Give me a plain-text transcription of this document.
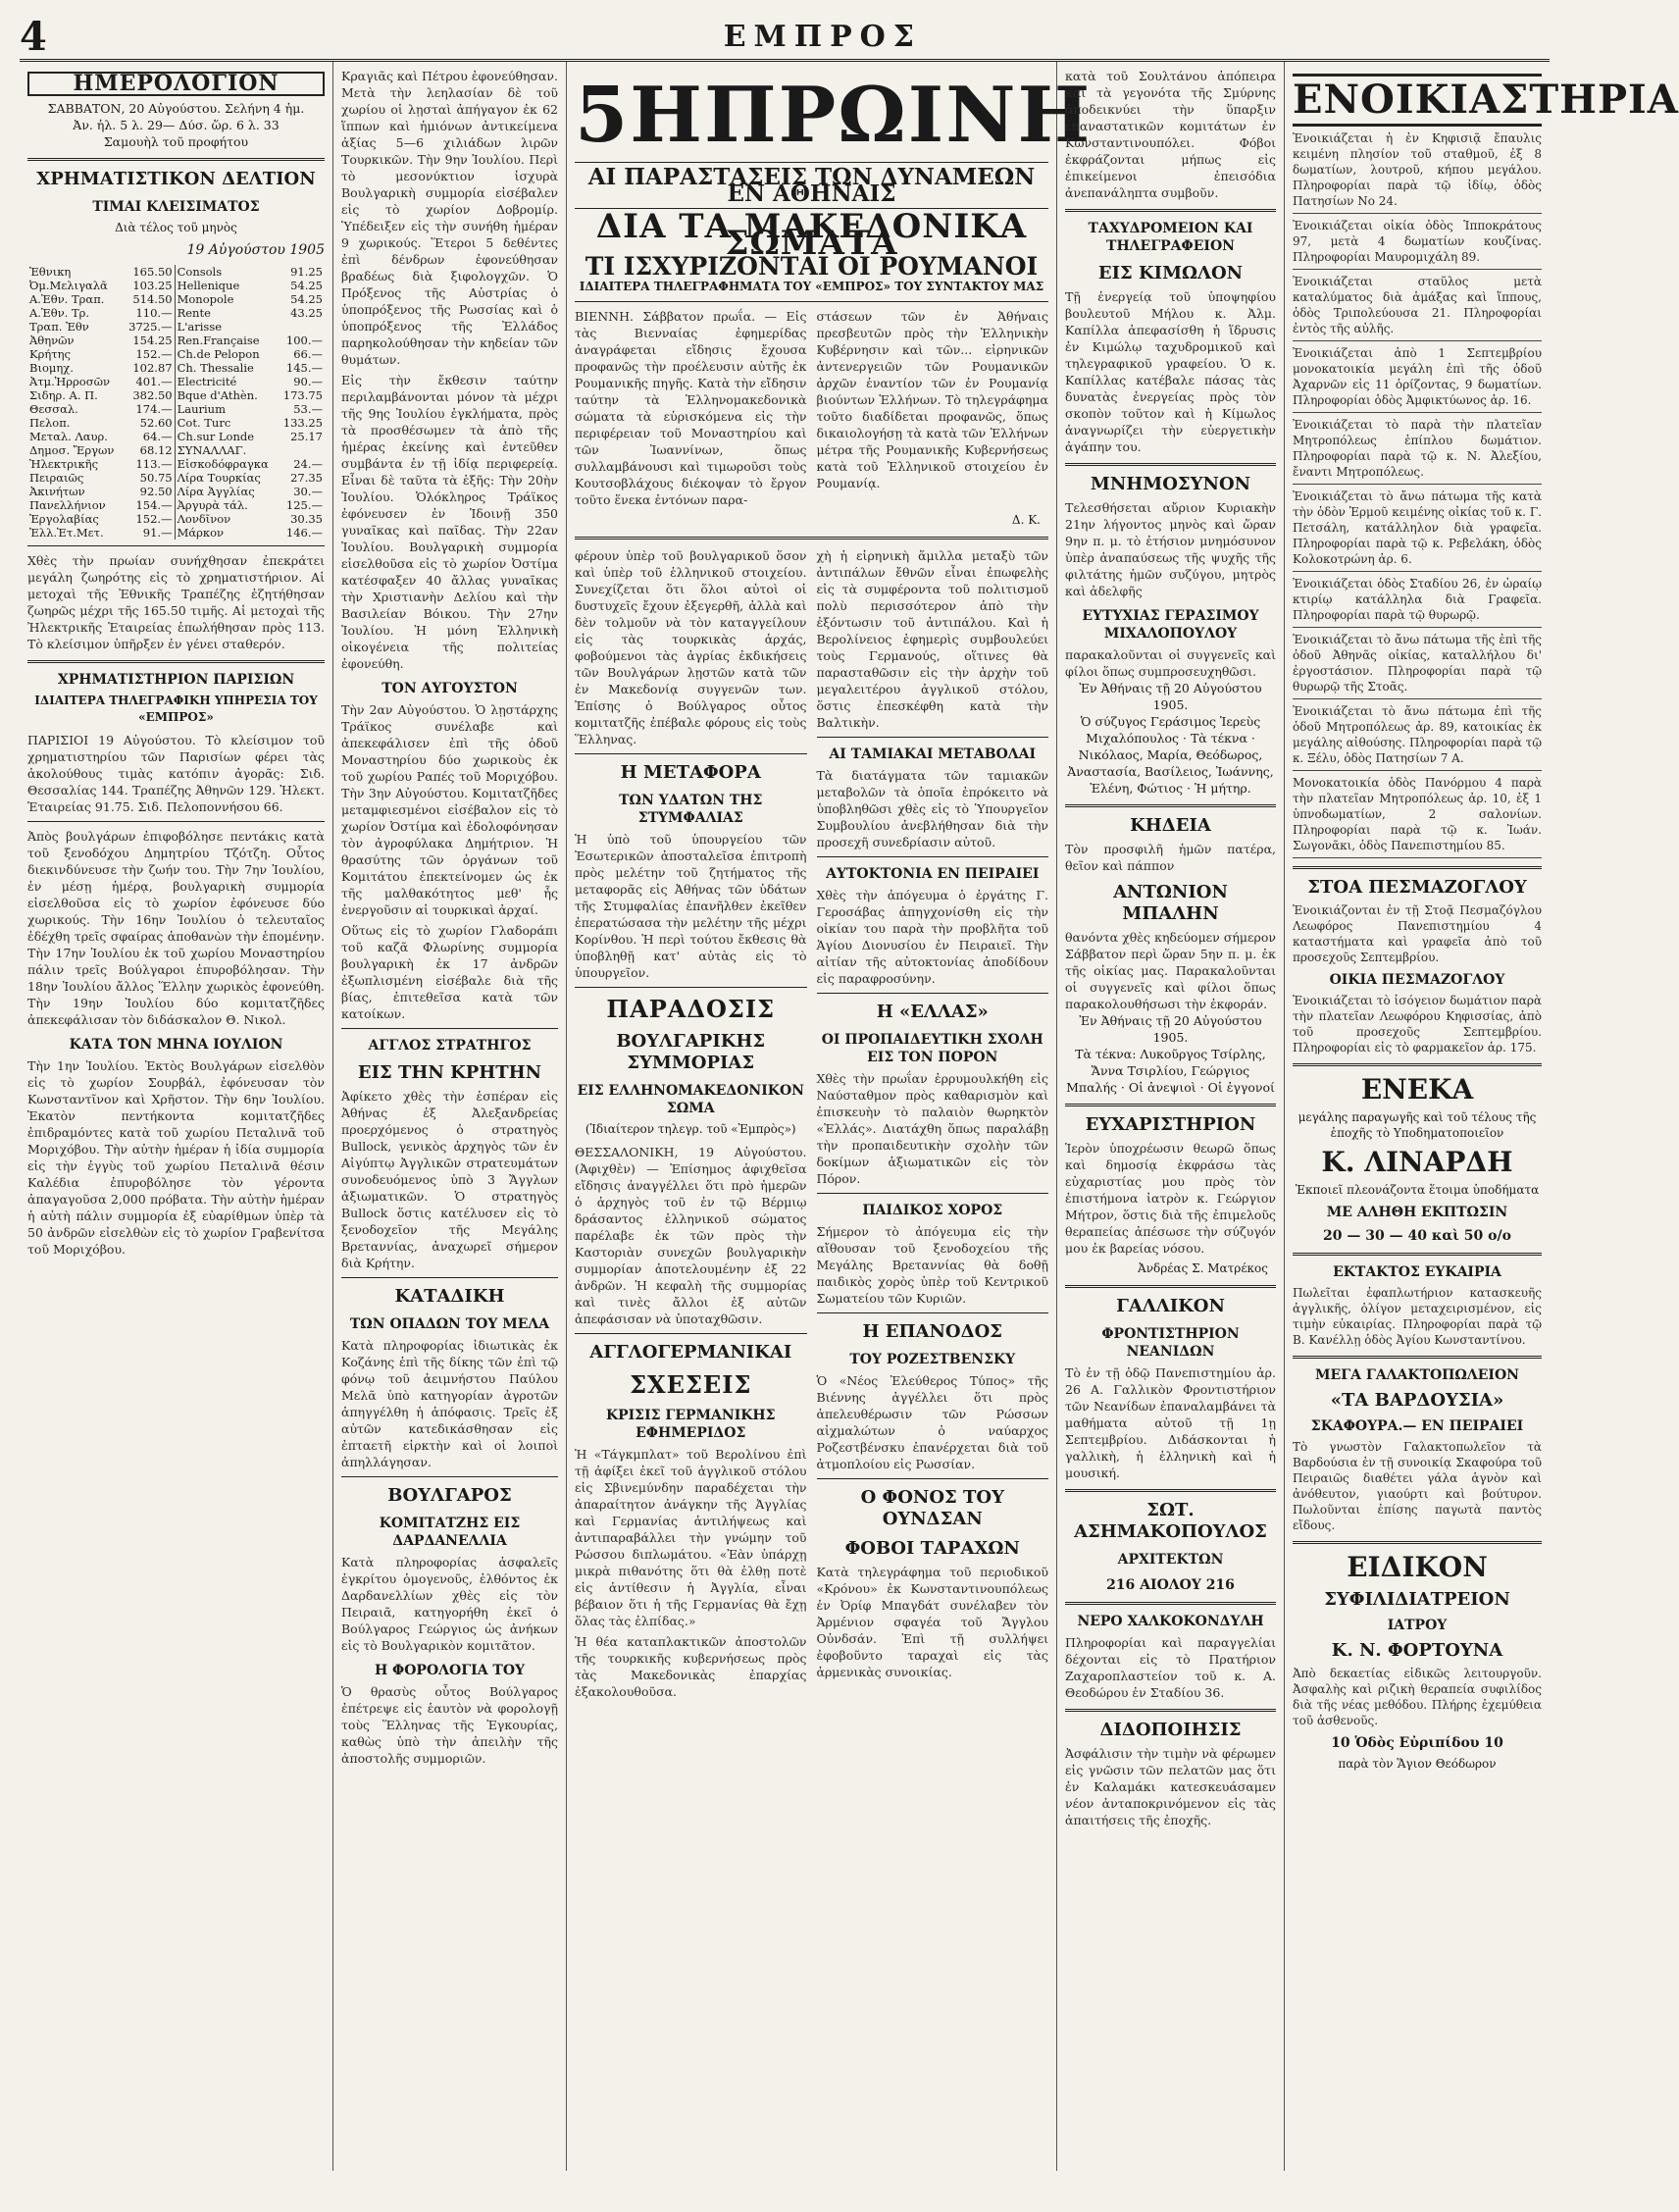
4	ΕΜΠΡΟΣ
ΗΜΕΡΟΛΟΓΙΟΝ
ΣΑΒΒΑΤΟΝ, 20 Αὐγούστου. Σελήνη 4 ἡμ.
Ἀν. ἡλ. 5 λ. 29— Δύσ. ὥρ. 6 λ. 33
Σαμουὴλ τοῦ προφήτου
ΧΡΗΜΑΤΙΣΤΙΚΟΝ ΔΕΛΤΙΟΝ
ΤΙΜΑΙ ΚΛΕΙΣΙΜΑΤΟΣ
Διὰ τέλος τοῦ μηνὸς
19 Αὐγούστου 1905
Ἐθνικη	165.50	Consols	91.25
Ὀμ.Μελιγαλᾶ	103.25	Hellenique	54.25
Α.Ἐθν. Τραπ.	514.50	Monopole	54.25
Α.Ἐθν. Τρ.	110.—	Rente	43.25
Τραπ. Ἐθν	3725.—	L'arisse	
Ἀθηνῶν	154.25	Ren.Française	100.—
Κρήτης	152.—	Ch.de Pelopon	66.—
Βιομηχ.	102.87	Ch. Thessalie	145.—
Ἀτμ.Ἠρροσῶν	401.—	Electricité	90.—
Σιδηρ. Α. Π.	382.50	Bque d'Athèn.	173.75
Θεσσαλ.	174.—	Laurium	53.—
Πελοπ.	52.60	Cot. Turc	133.25
Μεταλ. Λαυρ.	64.—	Ch.sur Londe	25.17
Δημοσ. Ἔργων	68.12	ΣΥΝΑΛΛΑΓ.	
Ἠλεκτρικῆς	113.—	Εἰσκοδόφραγκα	24.—
Πειραιῶς	50.75	Λίρα Τουρκίας	27.35
Ἀκινήτων	92.50	Λίρα Ἀγγλίας	30.—
Πανελλήνιον	154.—	Ἀργυρὰ τάλ.	125.—
Ἐργολαβίας	152.—	Λονδῖνον	30.35
Ἐλλ.Ἐτ.Μετ.	91.—	Μάρκον	146.—
Χθὲς τὴν πρωίαν συνήχθησαν ἐπεκράτει μεγάλη ζωηρότης εἰς τὸ χρηματιστήριον. Αἱ μετοχαὶ τῆς Ἐθνικῆς Τραπέζης ἐζητήθησαν ζωηρῶς μέχρι τῆς 165.50 τιμῆς. Αἱ μετοχαὶ τῆς Ἠλεκτρικῆς Ἑταιρείας ἐπωλήθησαν πρὸς 113. Τὸ κλείσιμον ὑπῆρξεν ἐν γένει σταθερόν.
ΧΡΗΜΑΤΙΣΤΗΡΙΟΝ ΠΑΡΙΣΙΩΝ
ΙΔΙΑΙΤΕΡΑ ΤΗΛΕΓΡΑΦΙΚΗ ΥΠΗΡΕΣΙΑ ΤΟΥ «ΕΜΠΡΟΣ»
ΠΑΡΙΣΙΟΙ 19 Αὐγούστου. Τὸ κλείσιμον τοῦ χρηματιστηρίου τῶν Παρισίων φέρει τὰς ἀκολούθους τιμὰς κατόπιν ἀγορᾶς: Σιδ. Θεσσαλίας 144. Τραπέζης Ἀθηνῶν 129. Ἠλεκτ. Ἑταιρείας 91.75. Σιδ. Πελοποννήσου 66.
Ἀπὸς βουλγάρων ἐπιφοβόλησε πεντάκις κατὰ τοῦ ξενοδόχου Δημητρίου Τζότζη. Οὗτος διεκινδύνευσε τὴν ζωήν του. Τὴν 7ην Ἰουλίου, ἐν μέσῃ ἡμέρᾳ, βουλγαρικὴ συμμορία εἰσελθοῦσα εἰς τὸ χωρίον ἐφόνευσε δύο χωρικούς. Τὴν 16ην Ἰουλίου ὁ τελευταῖος ἐδέχθη τρεῖς σφαίρας ἀποθανὼν τὴν ἑπομένην. Τὴν 17ην Ἰουλίου ἐκ τοῦ χωρίου Μοναστηρίου πάλιν τρεῖς Βούλγαροι ἐπυροβόλησαν. Τὴν 18ην Ἰουλίου ἄλλος Ἕλλην χωρικὸς ἐφονεύθη. Τὴν 19ην Ἰουλίου δύο κομιτατζῆδες ἀπεκεφάλισαν τὸν διδάσκαλον Θ. Νικολ.
ΚΑΤΑ ΤΟΝ ΜΗΝΑ ΙΟΥΛΙΟΝ
Τὴν 1ην Ἰουλίου. Ἐκτὸς Βουλγάρων εἰσελθὸν εἰς τὸ χωρίον Σουρβάλ, ἐφόνευσαν τὸν Κωνσταντῖνον καὶ Χρῆστον. Τὴν 6ην Ἰουλίου. Ἑκατὸν πεντήκοντα κομιτατζῆδες ἐπιδραμόντες κατὰ τοῦ χωρίου Πεταλινᾶ τοῦ Μοριχόβου. Τὴν αὐτὴν ἡμέραν ἡ ἰδία συμμορία εἰς τὴν ἐγγὺς τοῦ χωρίου Πεταλινᾶ θέσιν Καλέδια ἐπυροβόλησε τὸν γέροντα ἀπαγαγοῦσα 2,000 πρόβατα. Τὴν αὐτὴν ἡμέραν ἡ αὐτὴ πάλιν συμμορία ἐξ εὐαρίθμων ὑπὲρ τὰ 50 ἀνδρῶν εἰσελθὼν εἰς τὸ χωρίον Γραβενίτσα τοῦ Μοριχόβου.
Κραγιᾶς καὶ Πέτρου ἐφονεύθησαν. Μετὰ τὴν λεηλασίαν δὲ τοῦ χωρίου οἱ λῃσταὶ ἀπήγαγον ἐκ 62 ἵππων καὶ ἡμιόνων ἀντικείμενα ἀξίας 5—6 χιλιάδων λιρῶν Τουρκικῶν. Τὴν 9ην Ἰουλίου. Περὶ τὸ μεσονύκτιον ἰσχυρὰ Βουλγαρικὴ συμμορία εἰσέβαλεν εἰς τὸ χωρίον Δοβρομίρ. Ὑπέδειξεν εἰς τὴν συνήθη ἡμέραν 9 χωρικούς. Ἕτεροι 5 δεθέντες ἐπὶ δένδρων ἐφονεύθησαν βραδέως διὰ ξιφολογχῶν. Ὁ Πρόξενος τῆς Αὐστρίας ὁ ὑποπρόξενος τῆς Ρωσσίας καὶ ὁ ὑποπρόξενος τῆς Ἑλλάδος παρηκολούθησαν τὴν κηδείαν τῶν θυμάτων.
Εἰς τὴν ἔκθεσιν ταύτην περιλαμβάνονται μόνον τὰ μέχρι τῆς 9ης Ἰουλίου ἐγκλήματα, πρὸς τὰ προσθέσωμεν τὰ ἀπὸ τῆς ἡμέρας ἐκείνης καὶ ἐντεῦθεν συμβάντα ἐν τῇ ἰδίᾳ περιφερείᾳ. Εἶναι δὲ ταῦτα τὰ ἑξῆς: Τὴν 20ὴν Ἰουλίου. Ὁλόκληρος Τράϊκος ἐφόνευσεν ἐν Ἰδοινῇ 350 γυναῖκας καὶ παῖδας. Τὴν 22αν Ἰουλίου. Βουλγαρικὴ συμμορία εἰσελθοῦσα εἰς τὸ χωρίον Ὀστίμα κατέσφαξεν 40 ἄλλας γυναῖκας τὴν Χριστιανὴν Δελίου καὶ τὴν Βασιλείαν Βόικου. Τὴν 27ην Ἰουλίου. Ἡ μόνη Ἑλληνικὴ οἰκογένεια τῆς πολιτείας ἐφονεύθη.
ΤΟΝ ΑΥΓΟΥΣΤΟΝ
Τὴν 2αν Αὐγούστου. Ὁ λῃστάρχης Τράϊκος συνέλαβε καὶ ἀπεκεφάλισεν ἐπὶ τῆς ὁδοῦ Μοναστηρίου δύο χωρικοὺς ἐκ τοῦ χωρίου Ραπές τοῦ Μοριχόβου. Τὴν 3ην Αὐγούστου. Κομιτατζῆδες μεταμφιεσμένοι εἰσέβαλον εἰς τὸ χωρίον Ὀστίμα καὶ ἐδολοφόνησαν τὸν ἀγροφύλακα Δημήτριον. Ἡ θρασύτης τῶν ὀργάνων τοῦ Κομιτάτου ἐπεκτείνομεν ὡς ἐκ τῆς μαλθακότητος μεθ' ἧς ἐνεργοῦσιν αἱ τουρκικαὶ ἀρχαί.
Οὕτως εἰς τὸ χωρίον Γλαδοράπι τοῦ καζᾶ Φλωρίνης συμμορία βουλγαρικὴ ἐκ 17 ἀνδρῶν ἐξωπλισμένη εἰσέβαλε διὰ τῆς βίας, ἐπιτεθεῖσα κατὰ τῶν κατοίκων.
ΑΓΓΛΟΣ ΣΤΡΑΤΗΓΟΣ
ΕΙΣ ΤΗΝ ΚΡΗΤΗΝ
Ἀφίκετο χθὲς τὴν ἑσπέραν εἰς Ἀθήνας ἐξ Ἀλεξανδρείας προερχόμενος ὁ στρατηγὸς Bullock, γενικὸς ἀρχηγὸς τῶν ἐν Αἰγύπτῳ Ἀγγλικῶν στρατευμάτων συνοδευόμενος ὑπὸ 3 Ἄγγλων ἀξιωματικῶν. Ὁ στρατηγὸς Bullock ὅστις κατέλυσεν εἰς τὸ ξενοδοχεῖον τῆς Μεγάλης Βρεταννίας, ἀναχωρεῖ σήμερον διὰ Κρήτην.
ΚΑΤΑΔΙΚΗ
ΤΩΝ ΟΠΑΔΩΝ ΤΟΥ ΜΕΛΑ
Κατὰ πληροφορίας ἰδιωτικὰς ἐκ Κοζάνης ἐπὶ τῆς δίκης τῶν ἐπὶ τῷ φόνῳ τοῦ ἀειμνήστου Παύλου Μελᾶ ὑπὸ κατηγορίαν ἀγροτῶν ἀπηγγέλθη ἡ ἀπόφασις. Τρεῖς ἐξ αὐτῶν κατεδικάσθησαν εἰς ἐπταετῆ εἱρκτὴν καὶ οἱ λοιποὶ ἀπηλλάγησαν.
ΒΟΥΛΓΑΡΟΣ
ΚΟΜΙΤΑΤΖΗΣ ΕΙΣ ΔΑΡΔΑΝΕΛΛΙΑ
Κατὰ πληροφορίας ἀσφαλεῖς ἐγκρίτου ὁμογενοῦς, ἐλθόντος ἐκ Δαρδανελλίων χθὲς εἰς τὸν Πειραιᾶ, κατηγορήθη ἐκεῖ ὁ Βούλγαρος Γεώργιος ὡς ἀνήκων εἰς τὸ Βουλγαρικὸν κομιτᾶτον.
Η ΦΟΡΟΛΟΓΙΑ ΤΟΥ
Ὁ θρασὺς οὗτος Βούλγαρος ἐπέτρεψε εἰς ἑαυτὸν νὰ φορολογῇ τοὺς Ἕλληνας τῆς Ἐγκουρίας, καθὼς ὑπὸ τὴν ἀπειλὴν τῆς ἀποστολῆς συμμοριῶν.
5ΗΠΡΩΙΝΗ
ΑΙ ΠΑΡΑΣΤΑΣΕΙΣ ΤΩΝ ΔΥΝΑΜΕΩΝ ΕΝ ΑΘΗΝΑΙΣ
ΔΙΑ ΤΑ ΜΑΚΕΔΟΝΙΚΑ ΣΩΜΑΤΑ
ΤΙ ΙΣΧΥΡΙΖΟΝΤΑΙ ΟΙ ΡΟΥΜΑΝΟΙ
ΙΔΙΑΙΤΕΡΑ ΤΗΛΕΓΡΑΦΗΜΑΤΑ ΤΟΥ «ΕΜΠΡΟΣ» ΤΟΥ ΣΥΝΤΑΚΤΟΥ ΜΑΣ
ΒΙΕΝΝΗ. Σάββατον πρωΐα. — Εἰς τὰς Βιενναίας ἐφημερίδας ἀναγράφεται εἴδησις ἔχουσα προφανῶς τὴν προέλευσιν αὐτῆς ἐκ Ρουμανικῆς πηγῆς. Κατὰ τὴν εἴδησιν ταύτην τὰ Ἑλληνομακεδονικὰ σώματα τὰ εὑρισκόμενα εἰς τὴν περιφέρειαν τοῦ Μοναστηρίου καὶ τῶν Ἰωαννίνων, ὅπως συλλαμβάνουσι καὶ τιμωροῦσι τοὺς Κουτσοβλάχους διέκοψαν τὸ ἔργον τοῦτο ἕνεκα ἐντόνων παρα-
στάσεων τῶν ἐν Ἀθήναις πρεσβευτῶν πρὸς τὴν Ἑλληνικὴν Κυβέρνησιν καὶ τῶν... εἰρηνικῶν ἀντενεργειῶν τῶν Ρουμανικῶν ἀρχῶν ἐναντίον τῶν ἐν Ρουμανίᾳ βιούντων Ἑλλήνων. Τὸ τηλεγράφημα τοῦτο διαδίδεται προφανῶς, ὅπως δικαιολογήσῃ τὰ κατὰ τῶν Ἑλλήνων μέτρα τῆς Ρουμανικῆς Κυβερνήσεως κατὰ τοῦ Ἑλληνικοῦ στοιχείου ἐν Ρουμανίᾳ.
Δ. Κ.
φέρουν ὑπὲρ τοῦ βουλγαρικοῦ ὅσον καὶ ὑπὲρ τοῦ ἑλληνικοῦ στοιχείου. Συνεχίζεται ὅτι ὅλοι αὐτοὶ οἱ δυστυχεῖς ἔχουν ἐξεγερθῆ, ἀλλὰ καὶ δὲν τολμοῦν νὰ τὸν καταγγείλουν εἰς τὰς τουρκικὰς ἀρχάς, φοβούμενοι τὰς ἀγρίας ἐκδικήσεις τῶν Βουλγάρων λῃστῶν κατὰ τῶν ἐν Μακεδονίᾳ συγγενῶν των. Ἐπίσης ὁ Βούλγαρος οὗτος κομιτατζῆς ἐπέβαλε φόρους εἰς τοὺς Ἕλληνας.
Η ΜΕΤΑΦΟΡΑ
ΤΩΝ ΥΔΑΤΩΝ ΤΗΣ ΣΤΥΜΦΑΛΙΑΣ
Ἡ ὑπὸ τοῦ ὑπουργείου τῶν Ἐσωτερικῶν ἀποσταλεῖσα ἐπιτροπὴ πρὸς μελέτην τοῦ ζητήματος τῆς μεταφορᾶς εἰς Ἀθήνας τῶν ὑδάτων τῆς Στυμφαλίας ἐπανῆλθεν ἐκεῖθεν ἐπερατώσασα τὴν μελέτην τῆς μέχρι Κορίνθου. Ἡ περὶ τούτου ἔκθεσις θὰ ὑποβληθῇ κατ' αὐτὰς εἰς τὸ ὑπουργεῖον.
ΠΑΡΑΔΟΣΙΣ
ΒΟΥΛΓΑΡΙΚΗΣ ΣΥΜΜΟΡΙΑΣ
ΕΙΣ ΕΛΛΗΝΟΜΑΚΕΔΟΝΙΚΟΝ ΣΩΜΑ
(Ἰδιαίτερον τηλεγρ. τοῦ «Ἐμπρὸς»)
ΘΕΣΣΑΛΟΝΙΚΗ, 19 Αὐγούστου. (Ἀφιχθὲν) — Ἐπίσημος ἀφιχθεῖσα εἴδησις ἀναγγέλλει ὅτι πρὸ ἡμερῶν ὁ ἀρχηγὸς τοῦ ἐν τῷ Βέρμιῳ δράσαντος ἑλληνικοῦ σώματος παρέλαβε ἐκ τῶν πρὸς τὴν Καστοριὰν συνεχῶν βουλγαρικὴν συμμορίαν ἀποτελουμένην ἐξ 22 ἀνδρῶν. Ἡ κεφαλὴ τῆς συμμορίας καὶ τινὲς ἄλλοι ἐξ αὐτῶν ἀπεφάσισαν νὰ ὑποταχθῶσιν.
ΑΓΓΛΟΓΕΡΜΑΝΙΚΑΙ
ΣΧΕΣΕΙΣ
ΚΡΙΣΙΣ ΓΕΡΜΑΝΙΚΗΣ ΕΦΗΜΕΡΙΔΟΣ
Ἡ «Τάγκμπλατ» τοῦ Βερολίνου ἐπὶ τῇ ἀφίξει ἐκεῖ τοῦ ἀγγλικοῦ στόλου εἰς Σβινεμύνδην παραδέχεται τὴν ἀπαραίτητον ἀνάγκην τῆς Ἀγγλίας καὶ Γερμανίας ἀντιλήψεως καὶ ἀντιπαραβάλλει τὴν γνώμην τοῦ Ρώσσου διπλωμάτου. «Ἐὰν ὑπάρχῃ μικρὰ πιθανότης ὅτι θὰ ἐλθῃ ποτὲ εἰς ἀντίθεσιν ἡ Ἀγγλία, εἶναι βέβαιον ὅτι ἡ τῆς Γερμανίας θὰ ἔχῃ ὅλας τὰς ἐλπίδας.»
Ἡ θέα καταπλακτικῶν ἀποστολῶν τῆς τουρκικῆς κυβερνήσεως πρὸς τὰς Μακεδονικὰς ἐπαρχίας ἐξακολουθοῦσα.
χὴ ἡ εἰρηνικὴ ἅμιλλα μεταξὺ τῶν ἀντιπάλων ἔθνῶν εἶναι ἐπωφελὴς εἰς τὰ συμφέροντα τοῦ πολιτισμοῦ πολὺ περισσότερον ἀπὸ τὴν ἐξόντωσιν τοῦ ἀντιπάλου. Καὶ ἡ Βερολίνειος ἐφημερὶς συμβουλεύει τοὺς Γερμανούς, οἵτινες θὰ παρασταθῶσιν εἰς τὴν ἀρχὴν τοῦ μεγαλειτέρου ἀγγλικοῦ στόλου, ὅστις ἐπεσκέφθη κατὰ τὴν Βαλτικὴν.
ΑΙ ΤΑΜΙΑΚΑΙ ΜΕΤΑΒΟΛΑΙ
Τὰ διατάγματα τῶν ταμιακῶν μεταβολῶν τὰ ὁποῖα ἐπρόκειτο νὰ ὑποβληθῶσι χθὲς εἰς τὸ Ὑπουργεῖον Συμβουλίου ἀνεβλήθησαν διὰ τὴν προσεχῆ συνεδρίασιν αὐτοῦ.
ΑΥΤΟΚΤΟΝΙΑ ΕΝ ΠΕΙΡΑΙΕΙ
Χθὲς τὴν ἀπόγευμα ὁ ἐργάτης Γ. Γεροσάβας ἀπηγχονίσθη εἰς τὴν οἰκίαν του παρὰ τὴν προβλῆτα τοῦ Ἁγίου Διονυσίου ἐν Πειραιεῖ. Τὴν αἰτίαν τῆς αὐτοκτονίας ἀποδίδουν εἰς παραφροσύνην.
Η «ΕΛΛΑΣ»
ΟΙ ΠΡΟΠΑΙΔΕΥΤΙΚΗ ΣΧΟΛΗ ΕΙΣ ΤΟΝ ΠΟΡΟΝ
Χθὲς τὴν πρωΐαν ἐρρυμουλκήθη εἰς Ναύσταθμον πρὸς καθαρισμὸν καὶ ἐπισκευὴν τὸ παλαιὸν θωρηκτὸν «Ἑλλάς». Διατάχθη ὅπως παραλάβῃ τὴν προπαιδευτικὴν σχολὴν τῶν δοκίμων ἀξιωματικῶν εἰς τὸν Πόρον.
ΠΑΙΔΙΚΟΣ ΧΟΡΟΣ
Σήμερον τὸ ἀπόγευμα εἰς τὴν αἴθουσαν τοῦ ξενοδοχείου τῆς Μεγάλης Βρεταννίας θὰ δοθῇ παιδικὸς χορὸς ὑπὲρ τοῦ Κεντρικοῦ Σωματείου τῶν Κυριῶν.
Η ΕΠΑΝΟΔΟΣ
ΤΟΥ ΡΟΖΕΣΤΒΕΝΣΚΥ
Ὁ «Νέος Ἐλεύθερος Τύπος» τῆς Βιέννης ἀγγέλλει ὅτι πρὸς ἀπελευθέρωσιν τῶν Ρώσσων αἰχμαλώτων ὁ ναύαρχος Ροζεστβένσκυ ἐπανέρχεται διὰ τοῦ ἀτμοπλοίου εἰς Ρωσσίαν.
Ο ΦΟΝΟΣ ΤΟΥ ΟΥΝΔΣΑΝ
ΦΟΒΟΙ ΤΑΡΑΧΩΝ
Κατὰ τηλεγράφημα τοῦ περιοδικοῦ «Κρόνου» ἐκ Κωνσταντινουπόλεως ἐν Ὀρίφ Μπαγδάτ συνέλαβεν τὸν Ἀρμένιον σφαγέα τοῦ Ἄγγλου Οὐνδσάν. Ἐπὶ τῇ συλλήψει ἐφοβοῦντο ταραχαὶ εἰς τὰς ἀρμενικὰς συνοικίας.
κατὰ τοῦ Σουλτάνου ἀπόπειρα καὶ τὰ γεγονότα τῆς Σμύρνης ἀποδεικνύει τὴν ὕπαρξιν ἐπαναστατικῶν κομιτάτων ἐν Κωνσταντινουπόλει. Φόβοι ἐκφράζονται μήπως εἰς ἐπικείμενοι ἐπεισόδια ἀνεπανάληπτα συμβοῦν.
ΤΑΧΥΔΡΟΜΕΙΟΝ ΚΑΙ ΤΗΛΕΓΡΑΦΕΙΟΝ
ΕΙΣ ΚΙΜΩΛΟΝ
Τῇ ἐνεργείᾳ τοῦ ὑποψηφίου βουλευτοῦ Μήλου κ. Ἀλμ. Καπίλλα ἀπεφασίσθη ἡ ἵδρυσις ἐν Κιμώλῳ ταχυδρομικοῦ καὶ τηλεγραφικοῦ γραφείου. Ὁ κ. Καπίλλας κατέβαλε πάσας τὰς δυνατὰς ἐνεργείας πρὸς τὸν σκοπὸν τοῦτον καὶ ἡ Κίμωλος ἀναγνωρίζει τὴν εὐεργετικὴν ἀγάπην του.
ΜΝΗΜΟΣΥΝΟΝ
Τελεσθήσεται αὔριον Κυριακὴν 21ην λήγοντος μηνὸς καὶ ὥραν 9ην π. μ. τὸ ἐτήσιον μνημόσυνον ὑπὲρ ἀναπαύσεως τῆς ψυχῆς τῆς φιλτάτης ἡμῶν συζύγου, μητρὸς καὶ ἀδελφῆς
ΕΥΤΥΧΙΑΣ ΓΕΡΑΣΙΜΟΥ ΜΙΧΑΛΟΠΟΥΛΟΥ
παρακαλοῦνται οἱ συγγενεῖς καὶ φίλοι ὅπως συμπροσευχηθῶσι.
Ἐν Ἀθήναις τῇ 20 Αὐγούστου 1905.
Ὁ σύζυγος Γεράσιμος Ἱερεὺς Μιχαλόπουλος · Τὰ τέκνα · Νικόλαος, Μαρία, Θεόδωρος, Ἀναστασία, Βασίλειος, Ἰωάννης, Ἑλένη, Φώτιος · Ἡ μήτηρ.
ΚΗΔΕΙΑ
Τὸν προσφιλῆ ἡμῶν πατέρα, θεῖον καὶ πάππον
ΑΝΤΩΝΙΟΝ ΜΠΑΛΗΝ
θανόντα χθὲς κηδεύομεν σήμερον Σάββατον περὶ ὥραν 5ην π. μ. ἐκ τῆς οἰκίας μας. Παρακαλοῦνται οἱ συγγενεῖς καὶ φίλοι ὅπως παρακολουθήσωσι τὴν ἐκφοράν.
Ἐν Ἀθήναις τῇ 20 Αὐγούστου 1905.
Τὰ τέκνα: Λυκοῦργος Τσίρλης, Ἄννα Τσιρλίου, Γεώργιος Μπαλής · Οἱ ἀνεψιοὶ · Οἱ ἐγγονοί
ΕΥΧΑΡΙΣΤΗΡΙΟΝ
Ἱερὸν ὑποχρέωσιν θεωρῶ ὅπως καὶ δημοσίᾳ ἐκφράσω τὰς εὐχαριστίας μου πρὸς τὸν ἐπιστήμονα ἰατρὸν κ. Γεώργιον Μήτρον, ὅστις διὰ τῆς ἐπιμελοῦς θεραπείας ἀπέσωσε τὴν σύζυγόν μου ἐκ βαρείας νόσου.
Ἀνδρέας Σ. Ματρέκος
ΓΑΛΛΙΚΟΝ
ΦΡΟΝΤΙΣΤΗΡΙΟΝ ΝΕΑΝΙΔΩΝ
Τὸ ἐν τῇ ὁδῷ Πανεπιστημίου ἀρ. 26 Α. Γαλλικὸν Φροντιστήριον τῶν Νεανίδων ἐπαναλαμβάνει τὰ μαθήματα αὐτοῦ τῇ 1ῃ Σεπτεμβρίου. Διδάσκονται ἡ γαλλικὴ, ἡ ἑλληνικὴ καὶ ἡ μουσική.
ΣΩΤ. ΑΣΗΜΑΚΟΠΟΥΛΟΣ
ΑΡΧΙΤΕΚΤΩΝ
216 ΑΙΟΛΟΥ 216
ΝΕΡΟ ΧΑΛΚΟΚΟΝΔΥΛΗ
Πληροφορίαι καὶ παραγγελίαι δέχονται εἰς τὸ Πρατήριον Ζαχαροπλαστείον τοῦ κ. Α. Θεοδώρου ἐν Σταδίου 36.
ΔΙΔΟΠΟΙΗΣΙΣ
Ἀσφάλισιν τὴν τιμὴν νὰ φέρωμεν εἰς γνῶσιν τῶν πελατῶν μας ὅτι ἐν Καλαμάκι κατεσκευάσαμεν νέον ἀνταποκρινόμενον εἰς τὰς ἀπαιτήσεις τῆς ἐποχῆς.
ΕΝΟΙΚΙΑΣΤΗΡΙΑ
Ἐνοικιάζεται ἡ ἐν Κηφισιᾷ ἔπαυλις κειμένη πλησίον τοῦ σταθμοῦ, ἐξ 8 δωματίων, λουτροῦ, κήπου μεγάλου. Πληροφορίαι παρὰ τῷ ἰδίῳ, ὁδὸς Πατησίων Νο 24.
Ἐνοικιάζεται οἰκία ὁδὸς Ἱπποκράτους 97, μετὰ 4 δωματίων κουζίνας. Πληροφορίαι Μαυρομιχάλη 89.
Ἐνοικιάζεται σταῦλος μετὰ καταλύματος διὰ ἁμάξας καὶ ἵππους, ὁδὸς Τριπολεύουσα 21. Πληροφορίαι ἐντὸς τῆς αὐλῆς.
Ἐνοικιάζεται ἀπὸ 1 Σεπτεμβρίου μονοκατοικία μεγάλη ἐπὶ τῆς ὁδοῦ Ἀχαρνῶν εἰς 11 ὁρίζοντας, 9 δωματίων. Πληροφορίαι ὁδὸς Ἀμφικτύωνος ἀρ. 16.
Ἐνοικιάζεται τὸ παρὰ τὴν πλατεῖαν Μητροπόλεως ἐπίπλου δωμάτιον. Πληροφορίαι παρὰ τῷ κ. Ν. Ἀλεξίου, ἔναντι Μητροπόλεως.
Ἐνοικιάζεται τὸ ἄνω πάτωμα τῆς κατὰ τὴν ὁδὸν Ἑρμοῦ κειμένης οἰκίας τοῦ κ. Γ. Πετσάλη, κατάλληλον διὰ γραφεῖα. Πληροφορίαι παρὰ τῷ κ. Ρεβελάκη, ὁδὸς Κολοκοτρώνη ἀρ. 6.
Ἐνοικιάζεται ὁδὸς Σταδίου 26, ἐν ὡραίῳ κτιρίῳ κατάλληλα διὰ Γραφεῖα. Πληροφορίαι παρὰ τῷ θυρωρῷ.
Ἐνοικιάζεται τὸ ἄνω πάτωμα τῆς ἐπὶ τῆς ὁδοῦ Ἀθηνᾶς οἰκίας, καταλλήλου δι' ἐργοστάσιον. Πληροφορίαι παρὰ τῷ θυρωρῷ τῆς Στοᾶς.
Ἐνοικιάζεται τὸ ἄνω πάτωμα ἐπὶ τῆς ὁδοῦ Μητροπόλεως ἀρ. 89, κατοικίας ἐκ μεγάλης αἰθούσης. Πληροφορίαι παρὰ τῷ κ. Ξέλυ, ὁδὸς Πατησίων 7 Α.
Μονοκατοικία ὁδὸς Πανόρμου 4 παρὰ τὴν πλατεῖαν Μητροπόλεως ἀρ. 10, ἐξ 1 ὑπνοδωματίων, 2 σαλονίων. Πληροφορίαι παρὰ τῷ κ. Ἰωάν. Σωγονᾶκι, ὁδὸς Πανεπιστημίου 85.
ΣΤΟΑ ΠΕΣΜΑΖΟΓΛΟΥ
Ἐνοικιάζονται ἐν τῇ Στοᾷ Πεσμαζόγλου Λεωφόρος Πανεπιστημίου 4 καταστήματα καὶ γραφεῖα ἀπὸ τοῦ προσεχοῦς Σεπτεμβρίου.
ΟΙΚΙΑ ΠΕΣΜΑΖΟΓΛΟΥ
Ἐνοικιάζεται τὸ ἰσόγειον δωμάτιον παρὰ τὴν πλατεῖαν Λεωφόρου Κηφισσίας, ἀπὸ τοῦ προσεχοῦς Σεπτεμβρίου. Πληροφορίαι εἰς τὸ φαρμακεῖον ἀρ. 175.
ΕΝΕΚΑ
μεγάλης παραγωγῆς καὶ τοῦ τέλους τῆς ἐποχῆς τὸ Υποδηματοποιεῖον
Κ. ΛΙΝΑΡΔΗ
Ἐκποιεῖ πλεονάζοντα ἕτοιμα ὑποδήματα
ΜΕ ΑΛΗΘΗ ΕΚΠΤΩΣΙΝ
20 — 30 — 40 καὶ 50 ο/ο
ΕΚΤΑΚΤΟΣ ΕΥΚΑΙΡΙΑ
Πωλεῖται ἐφαπλωτήριον κατασκευῆς ἀγγλικῆς, ὀλίγον μεταχειρισμένον, εἰς τιμὴν εὐκαιρίας. Πληροφορίαι παρὰ τῷ Β. Κανέλλῃ ὁδὸς Ἀγίου Κωνσταντίνου.
ΜΕΓΑ ΓΑΛΑΚΤΟΠΩΛΕΙΟΝ
«ΤΑ ΒΑΡΔΟΥΣΙΑ»
ΣΚΑΦΟΥΡΑ.— ΕΝ ΠΕΙΡΑΙΕΙ
Τὸ γνωστὸν Γαλακτοπωλεῖον τὰ Βαρδούσια ἐν τῇ συνοικίᾳ Σκαφούρα τοῦ Πειραιῶς διαθέτει γάλα ἁγνὸν καὶ ἀνόθευτον, γιαούρτι καὶ βούτυρον. Πωλοῦνται ἐπίσης παγωτὰ παντὸς εἴδους.
ΕΙΔΙΚΟΝ
ΣΥΦΙΛΙΔΙΑΤΡΕΙΟΝ
ΙΑΤΡΟΥ
Κ. Ν. ΦΟΡΤΟΥΝΑ
Ἀπὸ δεκαετίας εἰδικῶς λειτουργοῦν. Ἀσφαλὴς καὶ ριζικὴ θεραπεία συφιλίδος διὰ τῆς νέας μεθόδου. Πλήρης ἐχεμύθεια τοῦ ἀσθενοῦς.
10 Ὁδὸς Εὐριπίδου 10
παρὰ τὸν Ἅγιον Θεόδωρον
